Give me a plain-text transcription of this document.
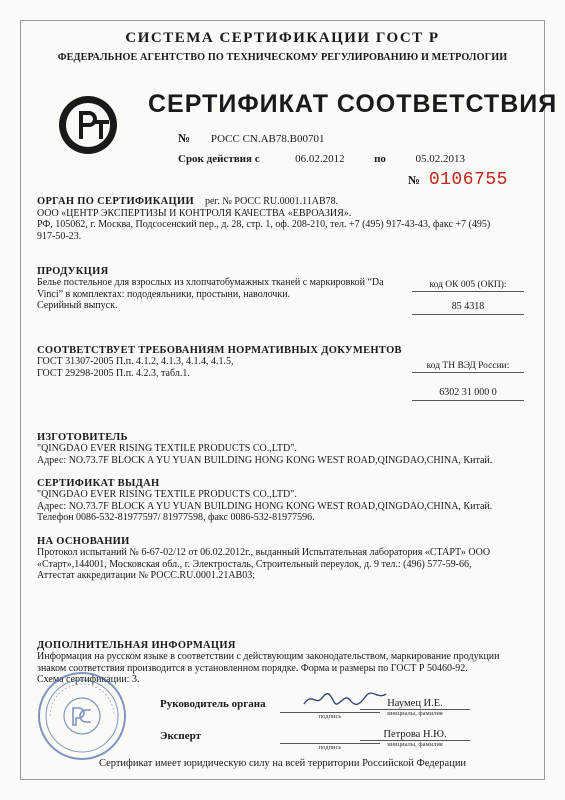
СИСТЕМА СЕРТИФИКАЦИИ ГОСТ Р
ФЕДЕРАЛЬНОЕ АГЕНТСТВО ПО ТЕХНИЧЕСКОМУ РЕГУЛИРОВАНИЮ И МЕТРОЛОГИИ
СЕРТИФИКАТ СООТВЕТСТВИЯ
№ РОСС CN.AB78.B00701
Срок действия с	06.02.2012	по	05.02.2013
№ 0106755
ОРГАН ПО СЕРТИФИКАЦИИ рег. № РОСС RU.0001.11AB78.
ООО «ЦЕНТР ЭКСПЕРТИЗЫ И КОНТРОЛЯ КАЧЕСТВА «ЕВРОАЗИЯ».
РФ, 105062, г. Москва, Подсосенский пер., д. 28, стр. 1, оф. 208-210, тел. +7 (495) 917-43-43, факс +7 (495)
917-50-23.
ПРОДУКЦИЯ
Белье постельное для взрослых из хлопчатобумажных тканей с маркировкой “Da
Vinci” в комплектах: пододеяльники, простыни, наволочки.
Серийный выпуск.
код ОК 005 (ОКП):
85 4318
СООТВЕТСТВУЕТ ТРЕБОВАНИЯМ НОРМАТИВНЫХ ДОКУМЕНТОВ
ГОСТ 31307-2005 П.п. 4.1.2, 4.1.3, 4.1.4, 4.1.5,
ГОСТ 29298-2005 П.п. 4.2.3, табл.1.
код ТН ВЭД России:
6302 31 000 0
ИЗГОТОВИТЕЛЬ
"QINGDAO EVER RISING TEXTILE PRODUCTS CO.,LTD".
Адрес: NO.73.7F BLOCK A YU YUAN BUILDING HONG KONG WEST ROAD,QINGDAO,CHINA, Китай.
СЕРТИФИКАТ ВЫДАН
"QINGDAO EVER RISING TEXTILE PRODUCTS CO.,LTD".
Адрес: NO.73.7F BLOCK A YU YUAN BUILDING HONG KONG WEST ROAD,QINGDAO,CHINA, Китай.
Телефон 0086-532-81977597/ 81977598, факс 0086-532-81977596.
НА ОСНОВАНИИ
Протокол испытаний № 6-67-02/12 от 06.02.2012г., выданный Испытательная лаборатория «СТАРТ» ООО
«Старт»,144001, Московская обл., г. Электросталь, Строительный переулок, д. 9 тел.: (496) 577-59-66,
Аттестат аккредитации № РОСС.RU.0001.21AB03;
ДОПОЛНИТЕЛЬНАЯ ИНФОРМАЦИЯ
Информация на русском языке в соответствии с действующим законодательством, маркирование продукции
знаком соответствия производится в установленном порядке. Форма и размеры по ГОСТ Р 50460-92.
Схема сертификации: 3.
Руководитель органа
подпись
Наумец И.Е.
инициалы, фамилия
Эксперт
подпись
Петрова Н.Ю.
инициалы, фамилия
Сертификат имеет юридическую силу на всей территории Российской Федерации
